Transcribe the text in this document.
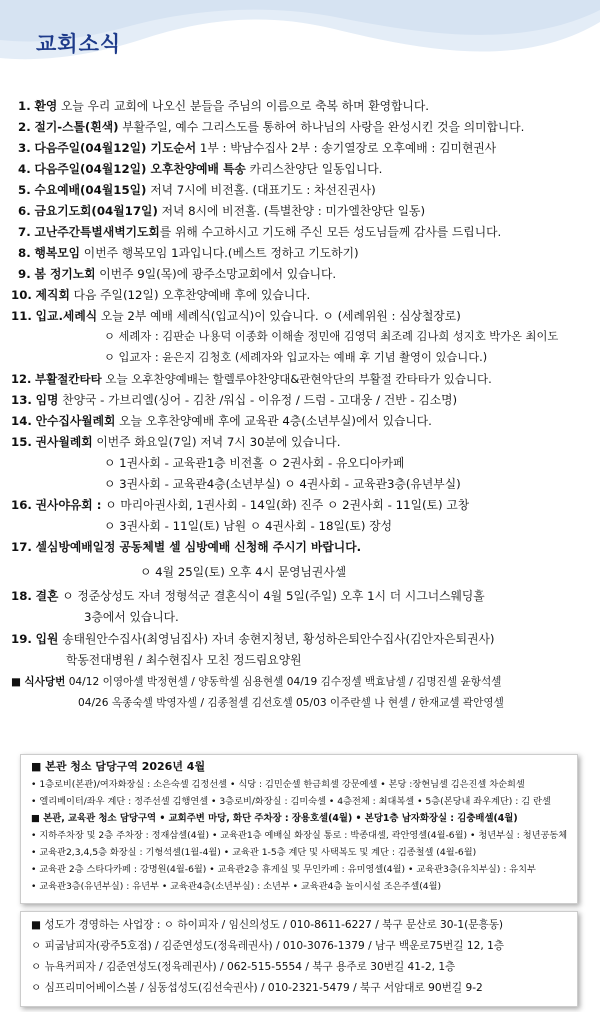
교회소식
1. 환영 오늘 우리 교회에 나오신 분들을 주님의 이름으로 축복 하며 환영합니다.
2. 절기-스톨(흰색) 부활주일, 예수 그리스도를 통하여 하나님의 사랑을 완성시킨 것을 의미합니다.
3. 다음주일(04월12일) 기도순서 1부 : 박남수집사 2부 : 송기열장로 오후예배 : 김미현권사
4. 다음주일(04월12일) 오후찬양예배 특송 카리스찬양단 일동입니다.
5. 수요예배(04월15일) 저녁 7시에 비전홀. (대표기도 : 차선진권사)
6. 금요기도회(04월17일) 저녁 8시에 비전홀. (특별찬양 : 미가엘찬양단 일동)
7. 고난주간특별새벽기도회를 위해 수고하시고 기도해 주신 모든 성도님들께 감사를 드립니다.
8. 행복모임 이번주 행복모임 1과입니다.(베스트 정하고 기도하기)
9. 봄 정기노회 이번주 9일(목)에 광주소망교회에서 있습니다.
10. 제직회 다음 주일(12일) 오후찬양예배 후에 있습니다.
11. 입교.세례식 오늘 2부 예배 세례식(입교식)이 있습니다. ㅇ (세례위원 : 심상철장로)
ㅇ 세례자 : 김판순 나용덕 이종화 이해솔 정민애 김영덕 최조례 김나희 성지호 박가온 최이도
ㅇ 입교자 : 윤은지 김청호 (세례자와 입교자는 예배 후 기념 촬영이 있습니다.)
12. 부활절칸타타 오늘 오후찬양예배는 할렐루야찬양대&관현악단의 부활절 칸타타가 있습니다.
13. 임명 찬양국 - 가브리엘(싱어 - 김찬 /워십 - 이유정 / 드럼 - 고대웅 / 건반 - 김소명)
14. 안수집사월례회 오늘 오후찬양예배 후에 교육관 4층(소년부실)에서 있습니다.
15. 권사월례회 이번주 화요일(7일) 저녁 7시 30분에 있습니다.
ㅇ 1권사회 - 교육관1층 비전홀 ㅇ 2권사회 - 유오디아카페
ㅇ 3권사회 - 교육관4층(소년부실) ㅇ 4권사회 - 교육관3층(유년부실)
16. 권사야유회 : ㅇ 마리아권사회, 1권사회 - 14일(화) 진주 ㅇ 2권사회 - 11일(토) 고창
ㅇ 3권사회 - 11일(토) 남원 ㅇ 4권사회 - 18일(토) 장성
17. 셀심방예배일정 공동체별 셀 심방예배 신청해 주시기 바랍니다.
ㅇ 4월 25일(토) 오후 4시 문영님권사셀
18. 결혼 ㅇ 정준상성도 자녀 정형석군 결혼식이 4월 5일(주일) 오후 1시 더 시그너스웨딩홀
3층에서 있습니다.
19. 입원 송태원안수집사(최영님집사) 자녀 송현지청년, 황성하은퇴안수집사(김안자은퇴권사)
학동전대병원 / 최수현집사 모친 정드림요양원
■ 식사당번 04/12 이영아셀 박정현셀 / 양동학셀 심용현셀 04/19 김수정셀 백효남셀 / 김명진셀 윤항석셀
04/26 옥종숙셀 박영자셀 / 김종철셀 김선호셀 05/03 이주란셀 나 현셀 / 한재교셀 곽안영셀
■ 본관 청소 담당구역 2026년 4월
• 1층로비(본관)/여자화장실 : 소은숙셀 김정선셀 • 식당 : 김민순셀 한금희셀 강문예셀 • 본당 :장현님셀 김은진셀 차순희셀
• 엘리베이터/좌우 계단 : 정주선셀 김행연셀 • 3층로비/화장실 : 김미숙셀 • 4층전체 : 최대복셀 • 5층(본당내 좌우계단) : 김 란셀
■ 본관, 교육관 청소 담당구역 • 교회주변 마당, 화단 주차장 : 장용호셀(4월) • 본당1층 남자화장실 : 김충배셀(4월)
• 지하주차장 및 2층 주차장 : 정재삼셀(4월) • 교육관1층 예배실 화장실 통로 : 박종대셀, 곽안영셀(4월-6월) • 청년부실 : 청년공동체
• 교육관2,3,4,5층 화장실 : 기형석셀(1월-4월) • 교육관 1-5층 계단 및 사택복도 및 계단 : 김종철셀 (4월-6월)
• 교육관 2층 스타다카페 : 강명원(4월-6월) • 교육관2층 휴게실 및 무인카페 : 유미영셀(4월) • 교육관3층(유치부실) : 유치부
• 교육관3층(유년부실) : 유년부 • 교육관4층(소년부실) : 소년부 • 교육관4층 놀이시설 조은주셀(4월)
■ 성도가 경영하는 사업장 : ㅇ 하이피자 / 임신의성도 / 010-8611-6227 / 북구 문산로 30-1(문흥동)
ㅇ 피굽남피자(광주5호점) / 김준연성도(정육레권사) / 010-3076-1379 / 남구 백운로75번길 12, 1층
ㅇ 뉴욕커피자 / 김준연성도(정육레권사) / 062-515-5554 / 북구 용주로 30번길 41-2, 1층
ㅇ 심프리미어베이스볼 / 심동섭성도(김선숙권사) / 010-2321-5479 / 북구 서암대로 90번길 9-2
